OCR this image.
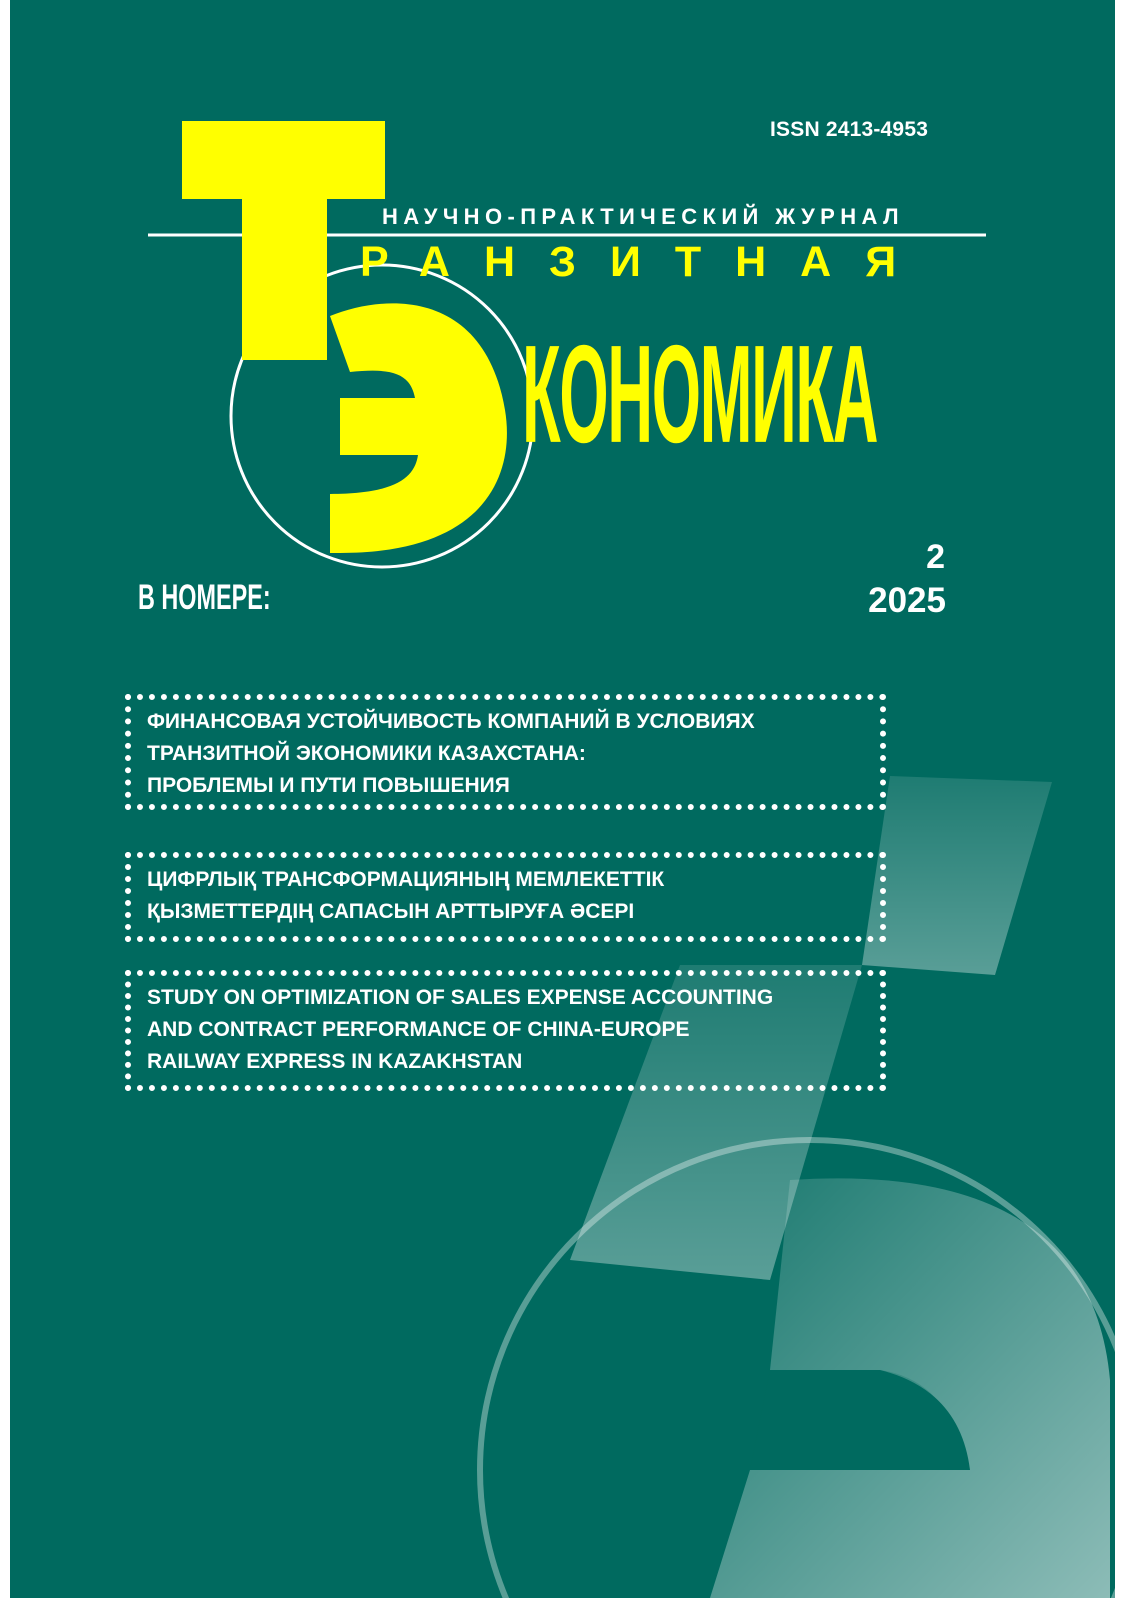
ISSN 2413-4953
НАУЧНО-ПРАКТИЧЕСКИЙ ЖУРНАЛ
РАНЗИТНАЯ
КОНОМИКА
В НОМЕРЕ:
2
2025
ФИНАНСОВАЯ УСТОЙЧИВОСТЬ КОМПАНИЙ В УСЛОВИЯХ
ТРАНЗИТНОЙ ЭКОНОМИКИ КАЗАХСТАНА:
ПРОБЛЕМЫ И ПУТИ ПОВЫШЕНИЯ
ЦИФРЛЫҚ ТРАНСФОРМАЦИЯНЫҢ МЕМЛЕКЕТТІК
ҚЫЗМЕТТЕРДІҢ САПАСЫН АРТТЫРУҒА ӘСЕРІ
STUDY ON OPTIMIZATION OF SALES EXPENSE ACCOUNTING
AND CONTRACT PERFORMANCE OF CHINA-EUROPE
RAILWAY EXPRESS IN KAZAKHSTAN
